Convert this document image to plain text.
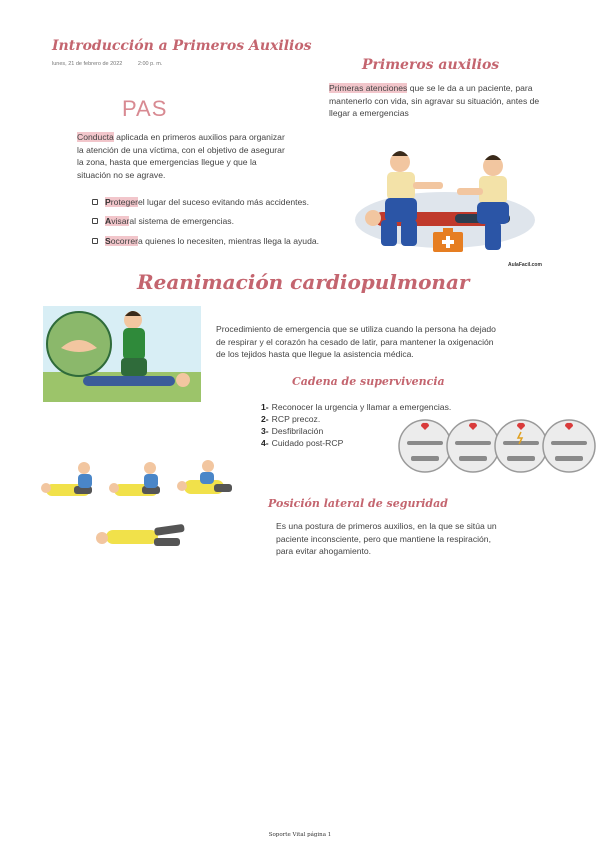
Introducción a Primeros Auxilios
lunes, 21 de febrero de 2022	2:00 p. m.
PAS
Conducta aplicada en primeros auxilios para organizar
la atención de una víctima, con el objetivo de asegurar
la zona, hasta que emergencias llegue y que la
situación no se agrave.
P roteger el lugar del suceso evitando más accidentes.
A visar al sistema de emergencias.
S ocorrer a quienes lo necesiten, mientras llega la ayuda.
Primeros auxilios
Primeras atenciones que se le da a un paciente, para
mantenerlo con vida, sin agravar su situación, antes de
llegar a emergencias
AulaFacil.com
Reanimación cardiopulmonar
Procedimiento de emergencia que se utiliza cuando la persona ha dejado
de respirar y el corazón ha cesado de latir, para mantener la oxigenación
de los tejidos hasta que llegue la asistencia médica.
Cadena de supervivencia
1- Reconocer la urgencia y llamar a emergencias.
2- RCP precoz.
3- Desfibrilación
4- Cuidado post-RCP
Posición lateral de seguridad
Es una postura de primeros auxilios, en la que se sitúa un
paciente inconsciente, pero que mantiene la respiración,
para evitar ahogamiento.
Soporte Vital página 1
